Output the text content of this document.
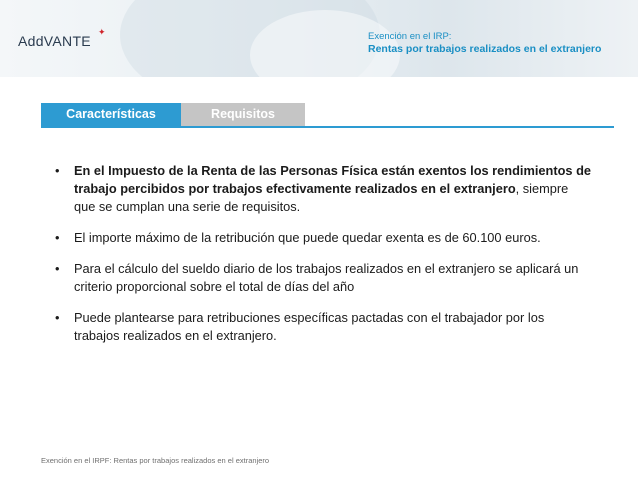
AddVANTE
✦	Exención en el IRP:
Rentas por trabajos realizados en el extranjero
Características	Requisitos
• En el Impuesto de la Renta de las Personas Física están exentos los rendimientos de trabajo percibidos por trabajos efectivamente realizados en el extranjero, siempre que se cumplan una serie de requisitos.
• El importe máximo de la retribución que puede quedar exenta es de 60.100 euros.
• Para el cálculo del sueldo diario de los trabajos realizados en el extranjero se aplicará un criterio proporcional sobre el total de días del año
• Puede plantearse para retribuciones específicas pactadas con el trabajador por los trabajos realizados en el extranjero.
Exención en el IRPF: Rentas por trabajos realizados en el extranjero
